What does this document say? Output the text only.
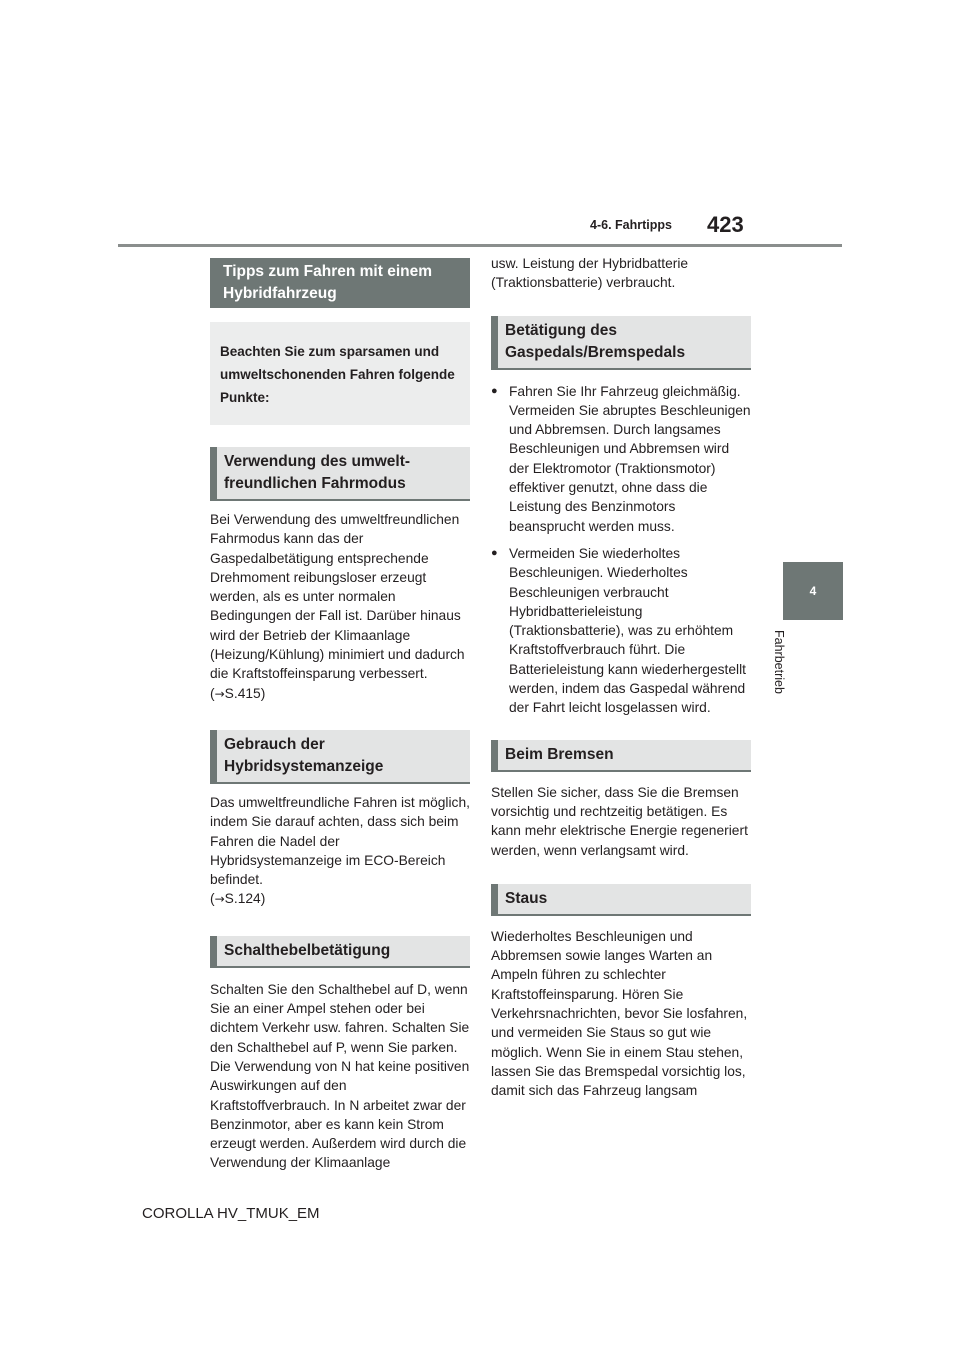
4-6. Fahrtipps 423
4
Fahrbetrieb
Tipps zum Fahren mit einem Hybridfahrzeug
Beachten Sie zum sparsamen und umweltschonenden Fahren folgende Punkte:
Verwendung des umwelt-freundlichen Fahrmodus

Bei Verwendung des umweltfreundlichen Fahrmodus kann das der Gaspedalbetätigung entsprechende Drehmoment reibungsloser erzeugt werden, als es unter normalen Bedingungen der Fall ist. Darüber hinaus wird der Betrieb der Klimaanlage (Heizung/Kühlung) minimiert und dadurch die Kraftstoffeinsparung verbessert.
(→S.415)

Gebrauch der Hybridsystemanzeige

Das umweltfreundliche Fahren ist möglich, indem Sie darauf achten, dass sich beim Fahren die Nadel der Hybridsystemanzeige im ECO-Bereich befindet.
(→S.124)

Schalthebelbetätigung

Schalten Sie den Schalthebel auf D, wenn Sie an einer Ampel stehen oder bei dichtem Verkehr usw. fahren. Schalten Sie den Schalthebel auf P, wenn Sie parken. Die Verwendung von N hat keine positiven Auswirkungen auf den Kraftstoffverbrauch. In N arbeitet zwar der Benzinmotor, aber es kann kein Strom erzeugt werden. Außerdem wird durch die Verwendung der Klimaanlage

usw. Leistung der Hybridbatterie (Traktionsbatterie) verbraucht.

Betätigung des Gaspedals/Bremspedals

● Fahren Sie Ihr Fahrzeug gleichmäßig. Vermeiden Sie abruptes Beschleunigen und Abbremsen. Durch langsames Beschleunigen und Abbremsen wird der Elektromotor (Traktionsmotor) effektiver genutzt, ohne dass die Leistung des Benzinmotors beansprucht werden muss.

● Vermeiden Sie wiederholtes Beschleunigen. Wiederholtes Beschleunigen verbraucht Hybridbatterieleistung (Traktionsbatterie), was zu erhöhtem Kraftstoffverbrauch führt. Die Batterieleistung kann wiederhergestellt werden, indem das Gaspedal während der Fahrt leicht losgelassen wird.

Beim Bremsen

Stellen Sie sicher, dass Sie die Bremsen vorsichtig und rechtzeitig betätigen. Es kann mehr elektrische Energie regeneriert werden, wenn verlangsamt wird.

Staus

Wiederholtes Beschleunigen und Abbremsen sowie langes Warten an Ampeln führen zu schlechter Kraftstoffeinsparung. Hören Sie Verkehrsnachrichten, bevor Sie losfahren, und vermeiden Sie Staus so gut wie möglich. Wenn Sie in einem Stau stehen, lassen Sie das Bremspedal vorsichtig los, damit sich das Fahrzeug langsam

COROLLA HV_TMUK_EM
